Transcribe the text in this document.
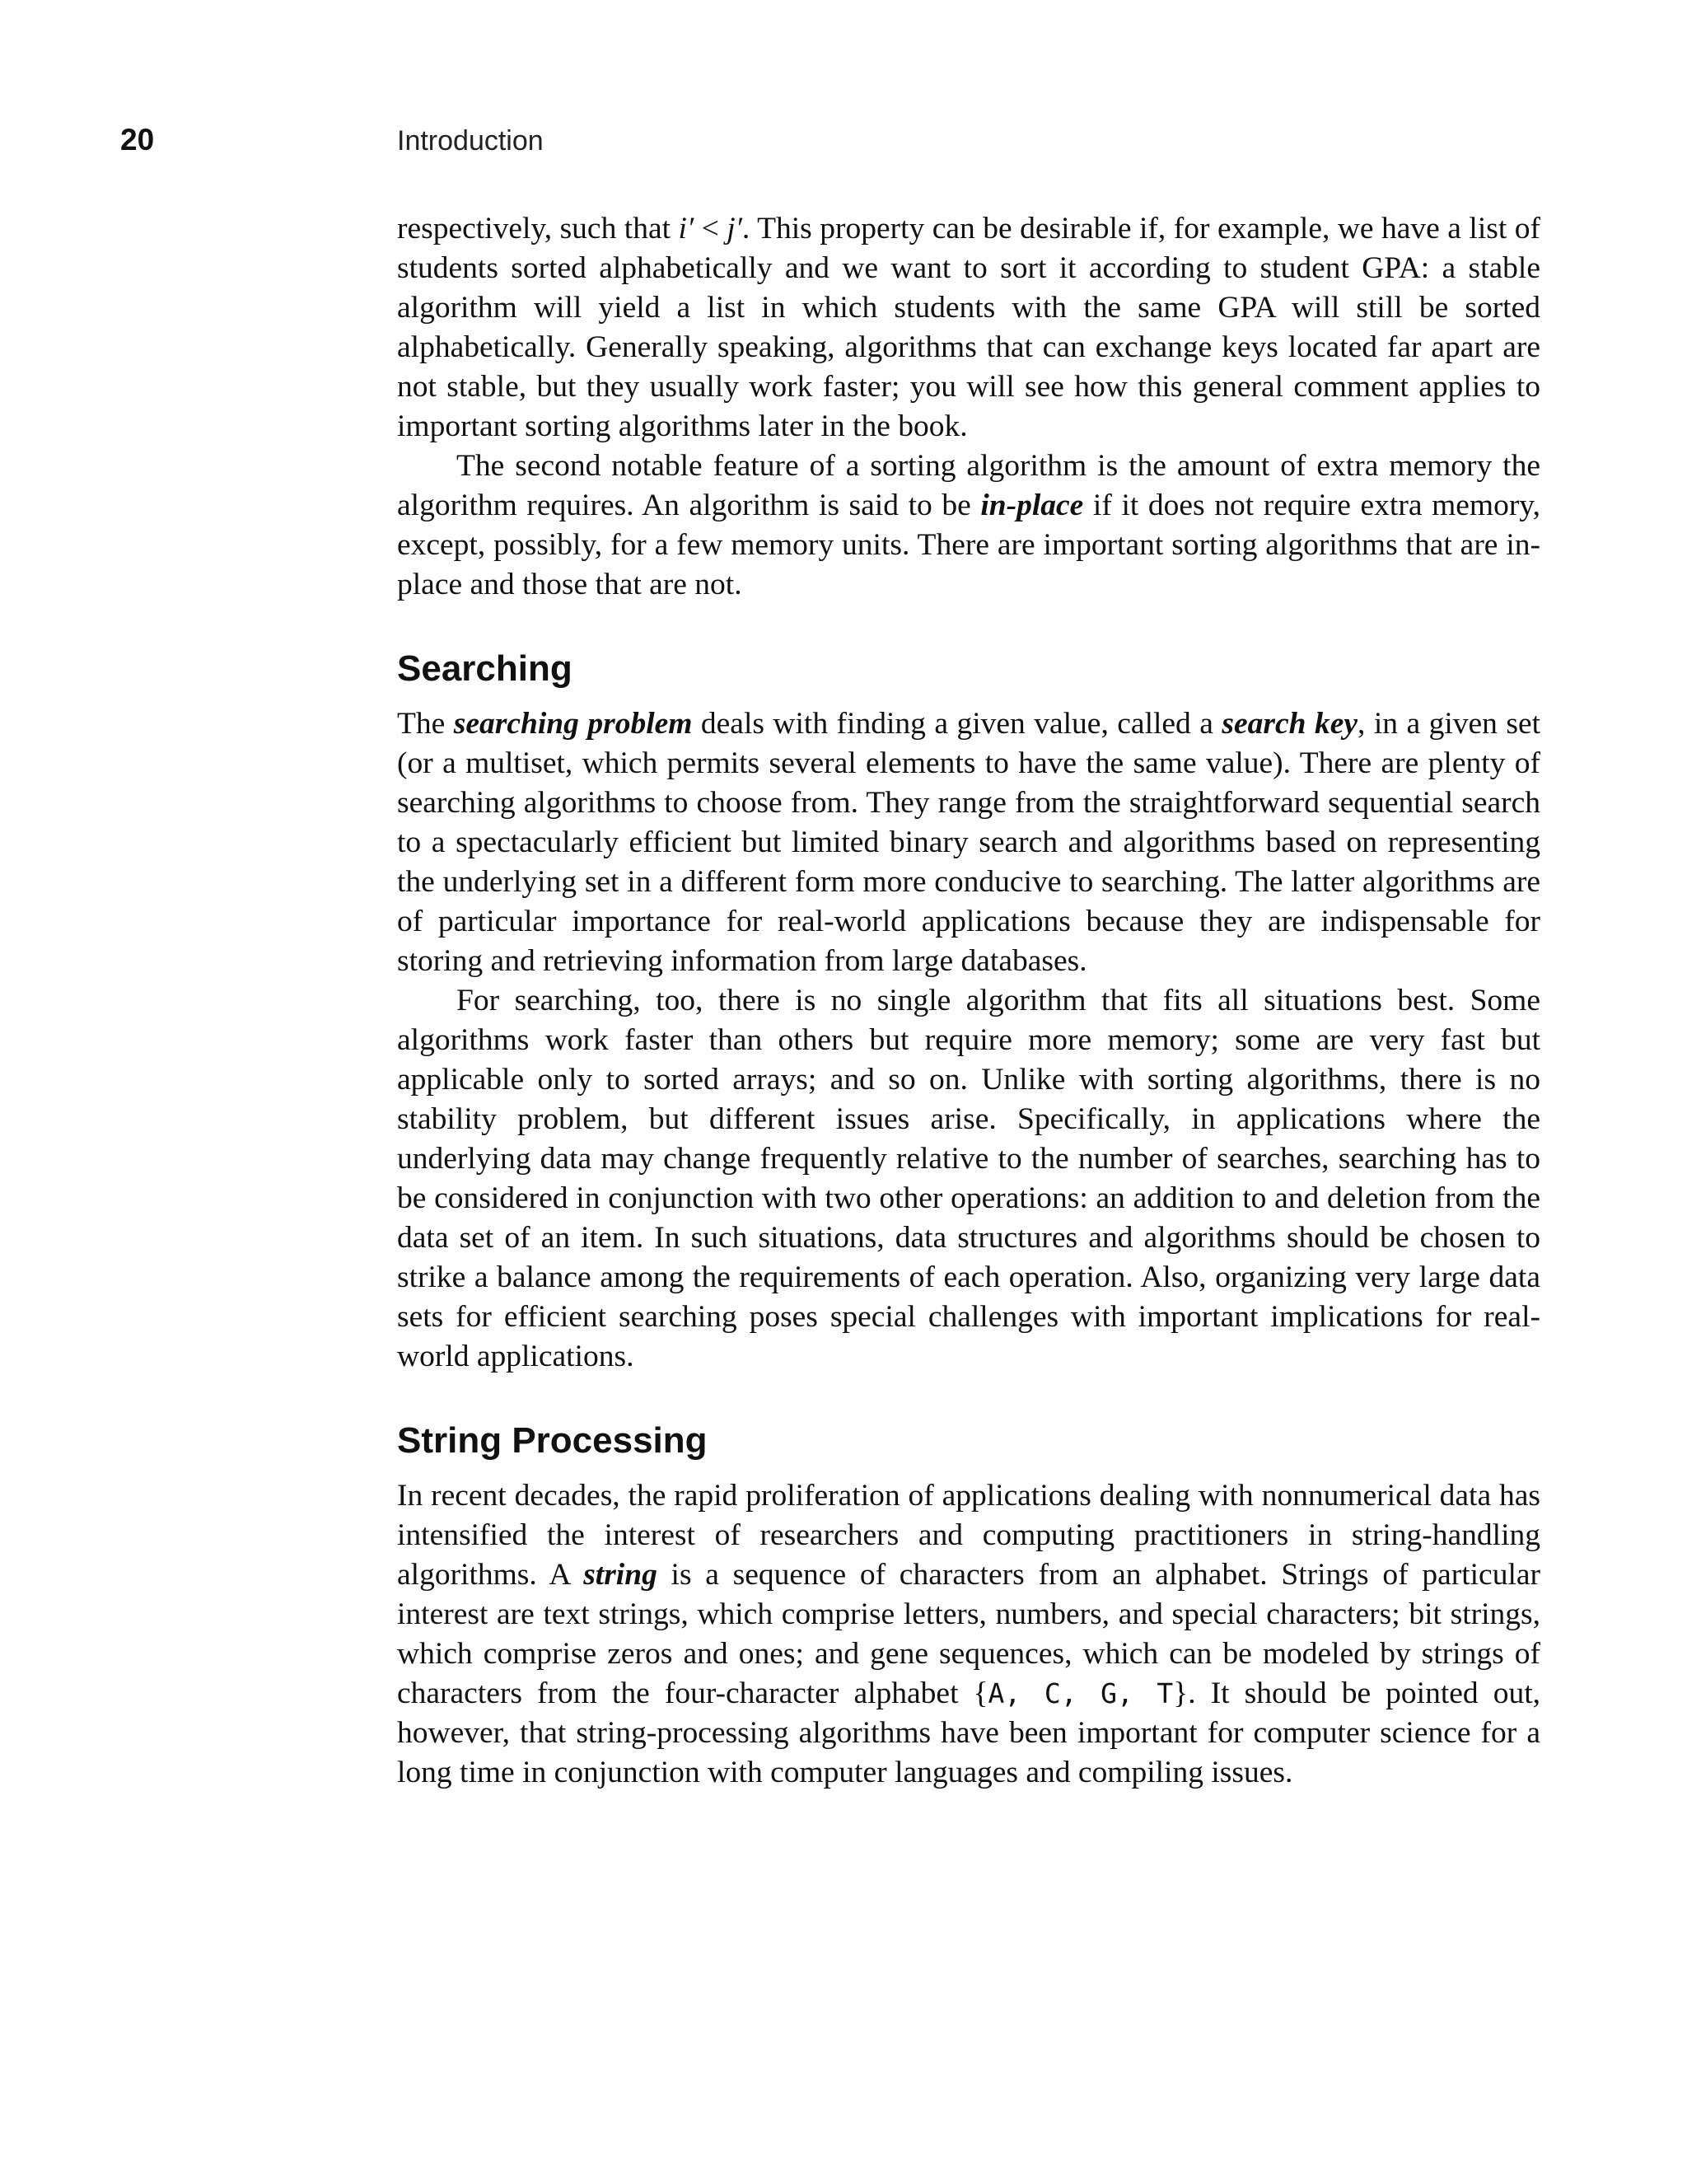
20	Introduction

respectively, such that i′ < j′. This property can be desirable if, for example, we have a list of students sorted alphabetically and we want to sort it according to student GPA: a stable algorithm will yield a list in which students with the same GPA will still be sorted alphabetically. Generally speaking, algorithms that can exchange keys located far apart are not stable, but they usually work faster; you will see how this general comment applies to important sorting algorithms later in the book.

The second notable feature of a sorting algorithm is the amount of extra memory the algorithm requires. An algorithm is said to be in-place if it does not require extra memory, except, possibly, for a few memory units. There are important sorting algorithms that are in-place and those that are not.

Searching

The searching problem deals with finding a given value, called a search key, in a given set (or a multiset, which permits several elements to have the same value). There are plenty of searching algorithms to choose from. They range from the straightforward sequential search to a spectacularly efficient but limited binary search and algorithms based on representing the underlying set in a different form more conducive to searching. The latter algorithms are of particular importance for real-world applications because they are indispensable for storing and retrieving information from large databases.

For searching, too, there is no single algorithm that fits all situations best. Some algorithms work faster than others but require more memory; some are very fast but applicable only to sorted arrays; and so on. Unlike with sorting algorithms, there is no stability problem, but different issues arise. Specifically, in applications where the underlying data may change frequently relative to the number of searches, searching has to be considered in conjunction with two other operations: an addition to and deletion from the data set of an item. In such situations, data structures and algorithms should be chosen to strike a balance among the requirements of each operation. Also, organizing very large data sets for efficient searching poses special challenges with important implications for real-world applications.

String Processing

In recent decades, the rapid proliferation of applications dealing with nonnumerical data has intensified the interest of researchers and computing practitioners in string-handling algorithms. A string is a sequence of characters from an alphabet. Strings of particular interest are text strings, which comprise letters, numbers, and special characters; bit strings, which comprise zeros and ones; and gene sequences, which can be modeled by strings of characters from the four-character alphabet {A, C, G, T}. It should be pointed out, however, that string-processing algorithms have been important for computer science for a long time in conjunction with computer languages and compiling issues.
